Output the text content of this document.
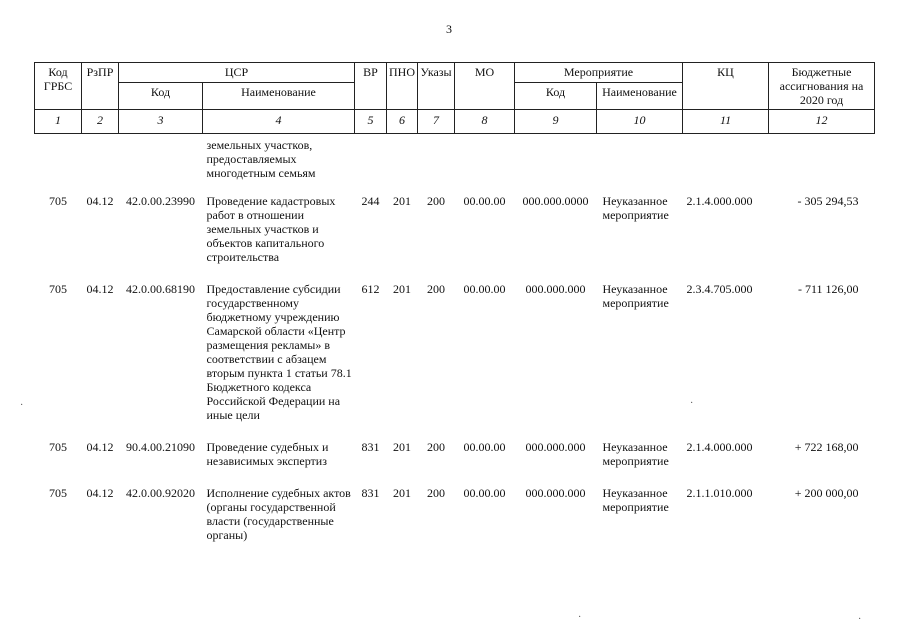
3
Код ГРБС	РзПР	ЦСР		ВР	ПНО	Указы	МО	Мероприятие		КЦ	Бюджетные ассигнования на 2020 год
		Код	Наименование					Код	Наименование		
1	2	3	4	5	6	7	8	9	10	11	12
			земельных участков, предоставляемых многодетным семьям								
705	04.12	42.0.00.23990	Проведение кадастровых работ в отношении земельных участков и объектов капитального строительства	244	201	200	00.00.00	000.000.0000	Неуказанное мероприятие	2.1.4.000.000	- 305 294,53
705	04.12	42.0.00.68190	Предоставление субсидии государственному бюджетному учреждению Самарской области «Центр размещения рекламы» в соответствии с абзацем вторым пункта 1 статьи 78.1 Бюджетного кодекса Российской Федерации на иные цели	612	201	200	00.00.00	000.000.000	Неуказанное мероприятие	2.3.4.705.000	- 711 126,00
705	04.12	90.4.00.21090	Проведение судебных и независимых экспертиз	831	201	200	00.00.00	000.000.000	Неуказанное мероприятие	2.1.4.000.000	+ 722 168,00
705	04.12	42.0.00.92020	Исполнение судебных актов (органы государственной власти (государственные органы)	831	201	200	00.00.00	000.000.000	Неуказанное мероприятие	2.1.1.010.000	+ 200 000,00
·	·
·
·
